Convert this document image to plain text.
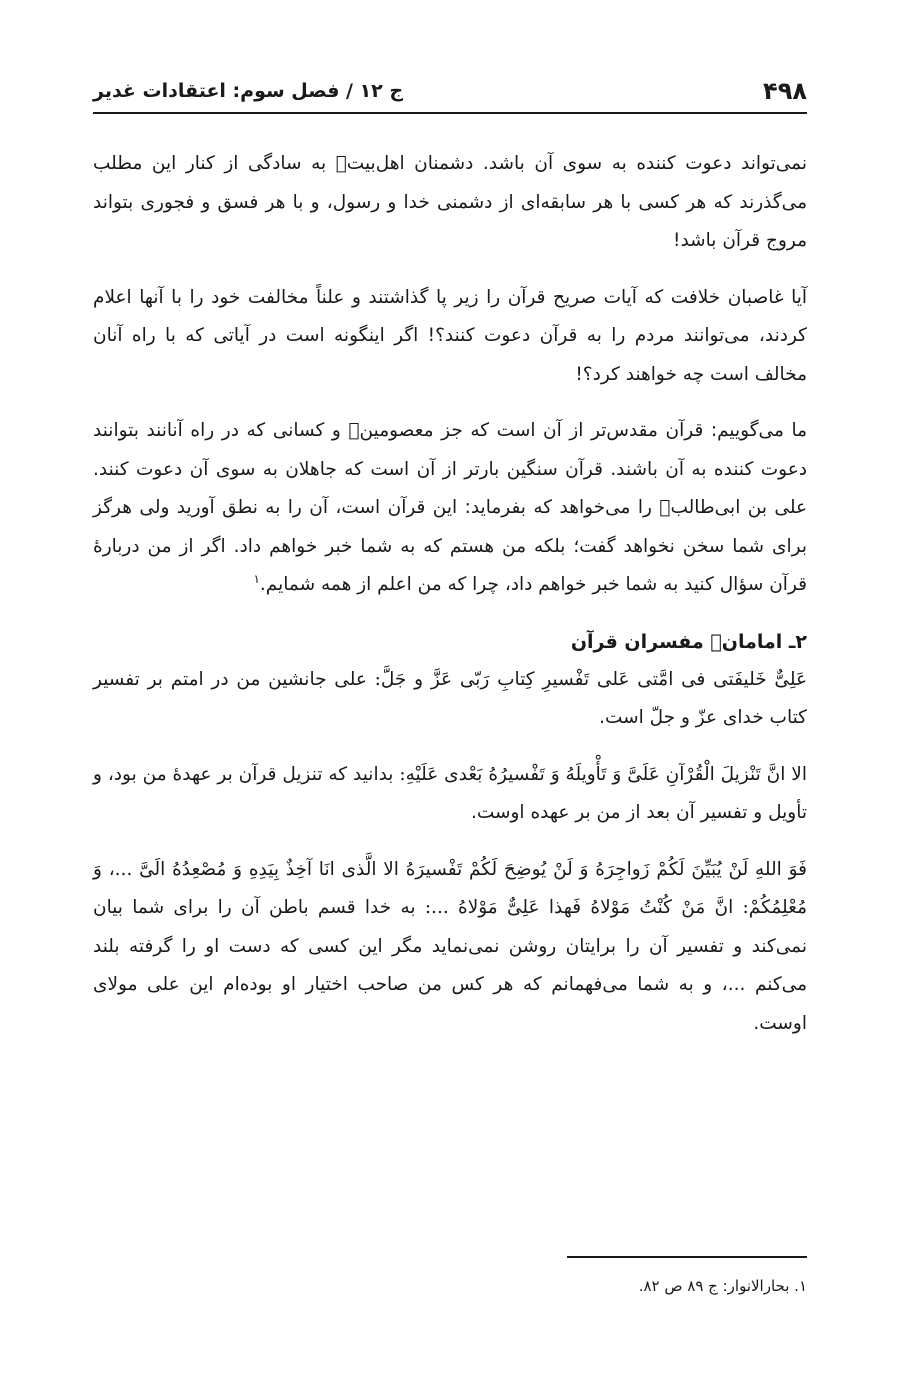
۴۹۸
ج ۱۲ / فصل سوم: اعتقادات غدیر

نمی‌تواند دعوت کننده به سوی آن باشد. دشمنان اهل‌بیتؐ به سادگی از کنار این مطلب می‌گذرند که هر کسی با هر سابقه‌ای از دشمنی خدا و رسول، و با هر فسق و فجوری بتواند مروج قرآن باشد!

آیا غاصبان خلافت که آیات صریح قرآن را زیر پا گذاشتند و علناً مخالفت خود را با آنها اعلام کردند، می‌توانند مردم را به قرآن دعوت کنند؟! اگر اینگونه است در آیاتی که با راه آنان مخالف است چه خواهند کرد؟!

ما می‌گوییم: قرآن مقدس‌تر از آن است که جز معصومینؐ و کسانی که در راه آنانند بتوانند دعوت کننده به آن باشند. قرآن سنگین بارتر از آن است که جاهلان به سوی آن دعوت کنند. علی بن ابی‌طالبؐ را می‌خواهد که بفرماید: این قرآن است، آن را به نطق آورید ولی هرگز برای شما سخن نخواهد گفت؛ بلکه من هستم که به شما خبر خواهم داد. اگر از من دربارهٔ قرآن سؤال کنید به شما خبر خواهم داد، چرا که من اعلم از همه شمایم.$^۱$

۲ـ امامانؐ مفسران قرآن

عَلِیٌّ خَلیفَتی فی امَّتی عَلی تَفْسیرِ کِتابِ رَبّی عَزَّ و جَلَّ: علی جانشین من در امتم بر تفسیر کتاب خدای عزّ و جلّ است.

الا انَّ تَنْزیلَ الْقُرْآنِ عَلَیَّ وَ تَأْویلَهُ وَ تَفْسیرُهُ بَعْدی عَلَیْهِ: بدانید که تنزیل قرآن بر عهدهٔ من بود، و تأویل و تفسیر آن بعد از من بر عهده اوست.

فَوَ اللهِ لَنْ یُبَیِّنَ لَکُمْ زَواجِرَهُ وَ لَنْ یُوضِحَ لَکُمْ تَفْسیرَهُ الا الَّذی انَا آخِذٌ بِیَدِهِ وَ مُصْعِدُهُ الَیَّ ...، وَ مُعْلِمُکُمْ: انَّ مَنْ کُنْتُ مَوْلاهُ فَهذا عَلِیٌّ مَوْلاهُ ...: به خدا قسم باطن آن را برای شما بیان نمی‌کند و تفسیر آن را برایتان روشن نمی‌نماید مگر این کسی که دست او را گرفته بلند می‌کنم ...، و به شما می‌فهمانم که هر کس من صاحب اختیار او بوده‌ام این علی مولای اوست.

۱. بحارالانوار: ج ۸۹ ص ۸۲.
